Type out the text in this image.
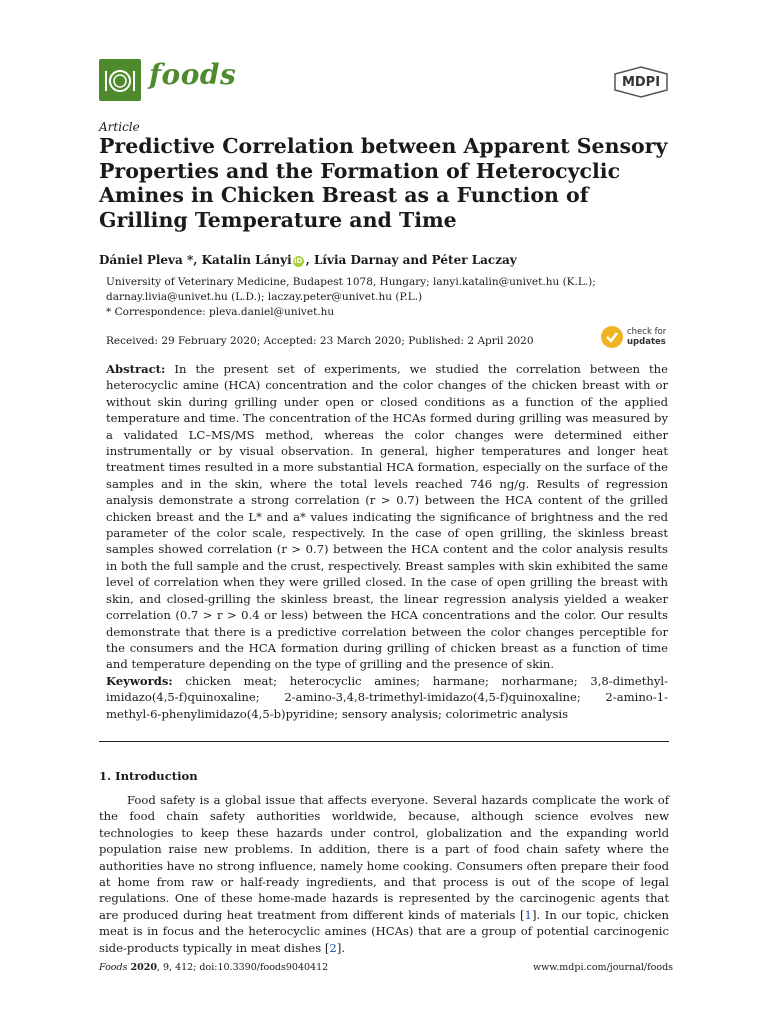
foods	MDPI
Article
Predictive Correlation between Apparent Sensory Properties and the Formation of Heterocyclic Amines in Chicken Breast as a Function of Grilling Temperature and Time
Dániel Pleva *, Katalin Lányi iD , Lívia Darnay and Péter Laczay
University of Veterinary Medicine, Budapest 1078, Hungary; lanyi.katalin@univet.hu (K.L.);
darnay.livia@univet.hu (L.D.); laczay.peter@univet.hu (P.L.)
* Correspondence: pleva.daniel@univet.hu
Received: 29 February 2020; Accepted: 23 March 2020; Published: 2 April 2020
check for
updates
Abstract: In the present set of experiments, we studied the correlation between the heterocyclic amine (HCA) concentration and the color changes of the chicken breast with or without skin during grilling under open or closed conditions as a function of the applied temperature and time. The concentration of the HCAs formed during grilling was measured by a validated LC–MS/MS method, whereas the color changes were determined either instrumentally or by visual observation. In general, higher temperatures and longer heat treatment times resulted in a more substantial HCA formation, especially on the surface of the samples and in the skin, where the total levels reached 746 ng/g. Results of regression analysis demonstrate a strong correlation (r > 0.7) between the HCA content of the grilled chicken breast and the L* and a* values indicating the significance of brightness and the red parameter of the color scale, respectively. In the case of open grilling, the skinless breast samples showed correlation (r > 0.7) between the HCA content and the color analysis results in both the full sample and the crust, respectively. Breast samples with skin exhibited the same level of correlation when they were grilled closed. In the case of open grilling the breast with skin, and closed-grilling the skinless breast, the linear regression analysis yielded a weaker correlation (0.7 > r > 0.4 or less) between the HCA concentrations and the color. Our results demonstrate that there is a predictive correlation between the color changes perceptible for the consumers and the HCA formation during grilling of chicken breast as a function of time and temperature depending on the type of grilling and the presence of skin.
Keywords: chicken meat; heterocyclic amines; harmane; norharmane; 3,8-dimethyl-imidazo(4,5-f)quinoxaline; 2-amino-3,4,8-trimethyl-imidazo(4,5-f)quinoxaline; 2-amino-1-methyl-6-phenylimidazo(4,5-b)pyridine; sensory analysis; colorimetric analysis
1. Introduction
Food safety is a global issue that affects everyone. Several hazards complicate the work of the food chain safety authorities worldwide, because, although science evolves new technologies to keep these hazards under control, globalization and the expanding world population raise new problems. In addition, there is a part of food chain safety where the authorities have no strong influence, namely home cooking. Consumers often prepare their food at home from raw or half-ready ingredients, and that process is out of the scope of legal regulations. One of these home-made hazards is represented by the carcinogenic agents that are produced during heat treatment from different kinds of materials [1]. In our topic, chicken meat is in focus and the heterocyclic amines (HCAs) that are a group of potential carcinogenic side-products typically in meat dishes [2].
Foods 2020, 9, 412; doi:10.3390/foods9040412	www.mdpi.com/journal/foods
